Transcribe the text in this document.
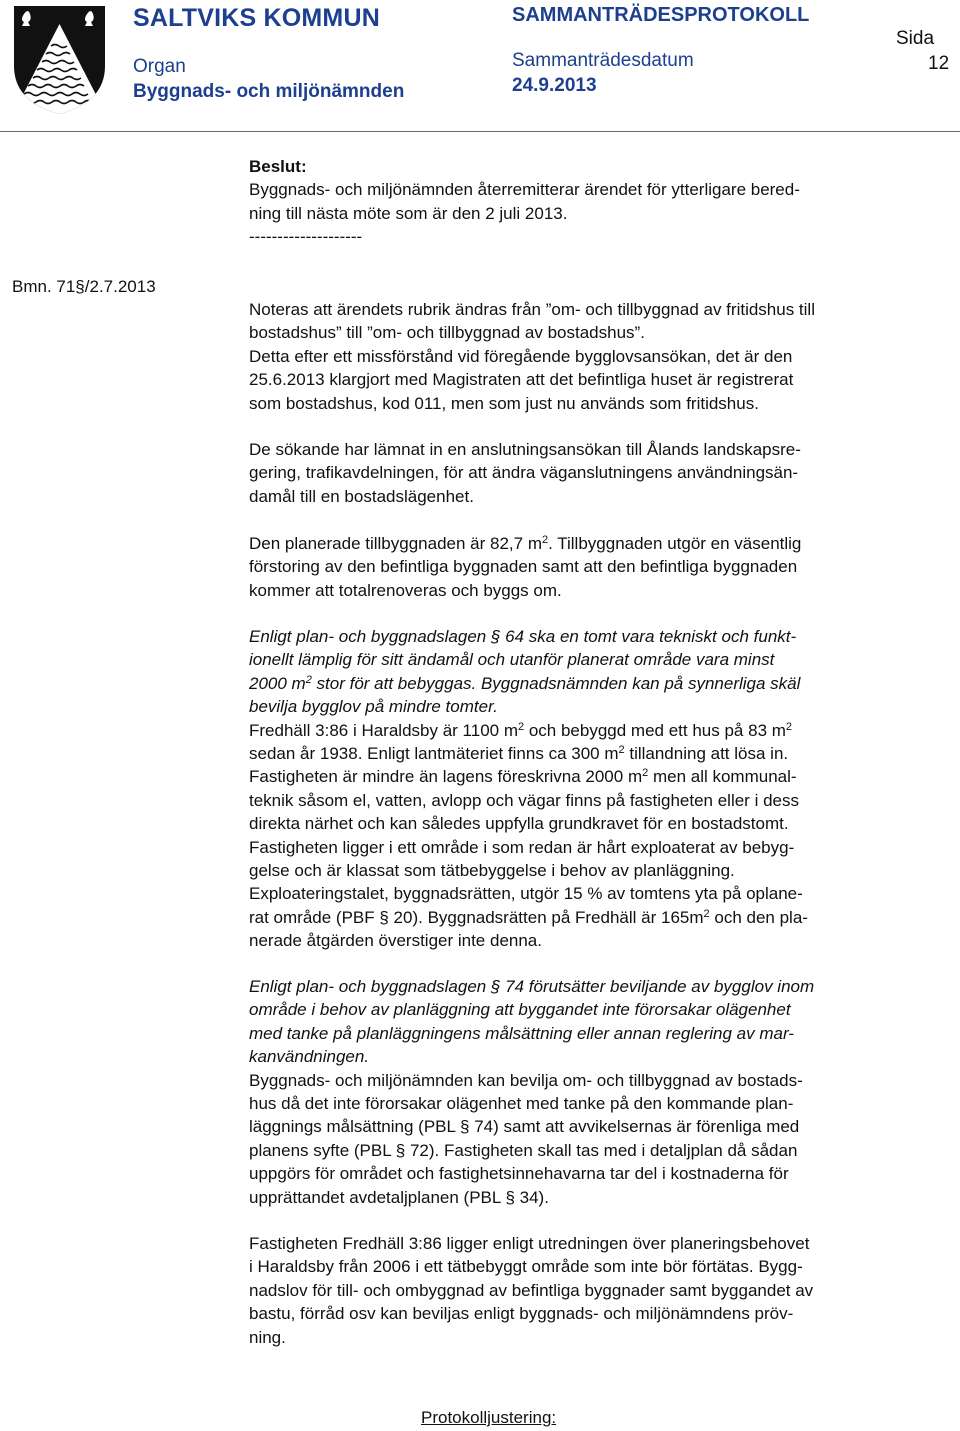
SALTVIKS KOMMUN
Organ
Byggnads- och miljönämnden
SAMMANTRÄDESPROTOKOLL
Sammanträdesdatum
24.9.2013
Sida
12

Beslut:

Byggnads- och miljönämnden återremitterar ärendet för ytterligare bered-
ning till nästa möte som är den 2 juli 2013.

--------------------

Bmn. 71§/2.7.2013

Noteras att ärendets rubrik ändras från ”om- och tillbyggnad av fritidshus till
bostadshus” till ”om- och tillbyggnad av bostadshus”.
Detta efter ett missförstånd vid föregående bygglovsansökan, det är den
25.6.2013 klargjort med Magistraten att det befintliga huset är registrerat
som bostadshus, kod 011, men som just nu används som fritidshus.

De sökande har lämnat in en anslutningsansökan till Ålands landskapsre-
gering, trafikavdelningen, för att ändra väganslutningens användningsän-
damål till en bostadslägenhet.

Den planerade tillbyggnaden är 82,7 $m^2$. Tillbyggnaden utgör en väsentlig
förstoring av den befintliga byggnaden samt att den befintliga byggnaden
kommer att totalrenoveras och byggs om.

Enligt plan- och byggnadslagen § 64 ska en tomt vara tekniskt och funkt-
ionellt lämplig för sitt ändamål och utanför planerat område vara minst
2000 $m^2$ stor för att bebyggas. Byggnadsnämnden kan på synnerliga skäl
bevilja bygglov på mindre tomter.
Fredhäll 3:86 i Haraldsby är 1100 $m^2$ och bebyggd med ett hus på 83 $m^2$
sedan år 1938. Enligt lantmäteriet finns ca 300 $m^2$ tillandning att lösa in.
Fastigheten är mindre än lagens föreskrivna 2000 $m^2$ men all kommunal-
teknik såsom el, vatten, avlopp och vägar finns på fastigheten eller i dess
direkta närhet och kan således uppfylla grundkravet för en bostadstomt.
Fastigheten ligger i ett område i som redan är hårt exploaterat av bebyg-
gelse och är klassat som tätbebyggelse i behov av planläggning.
Exploateringstalet, byggnadsrätten, utgör 15 % av tomtens yta på oplane-
rat område (PBF § 20). Byggnadsrätten på Fredhäll är $165m^2$ och den pla-
nerade åtgärden överstiger inte denna.

Enligt plan- och byggnadslagen § 74 förutsätter beviljande av bygglov inom
område i behov av planläggning att byggandet inte förorsakar olägenhet
med tanke på planläggningens målsättning eller annan reglering av mar-
kanvändningen.
Byggnads- och miljönämnden kan bevilja om- och tillbyggnad av bostads-
hus då det inte förorsakar olägenhet med tanke på den kommande plan-
läggnings målsättning (PBL § 74) samt att avvikelsernas är förenliga med
planens syfte (PBL § 72). Fastigheten skall tas med i detaljplan då sådan
uppgörs för området och fastighetsinnehavarna tar del i kostnaderna för
upprättandet avdetaljplanen (PBL § 34).

Fastigheten Fredhäll 3:86 ligger enligt utredningen över planeringsbehovet
i Haraldsby från 2006 i ett tätbebyggt område som inte bör förtätas. Bygg-
nadslov för till- och ombyggnad av befintliga byggnader samt byggandet av
bastu, förråd osv kan beviljas enligt byggnads- och miljönämndens pröv-
ning.

Protokolljustering:
